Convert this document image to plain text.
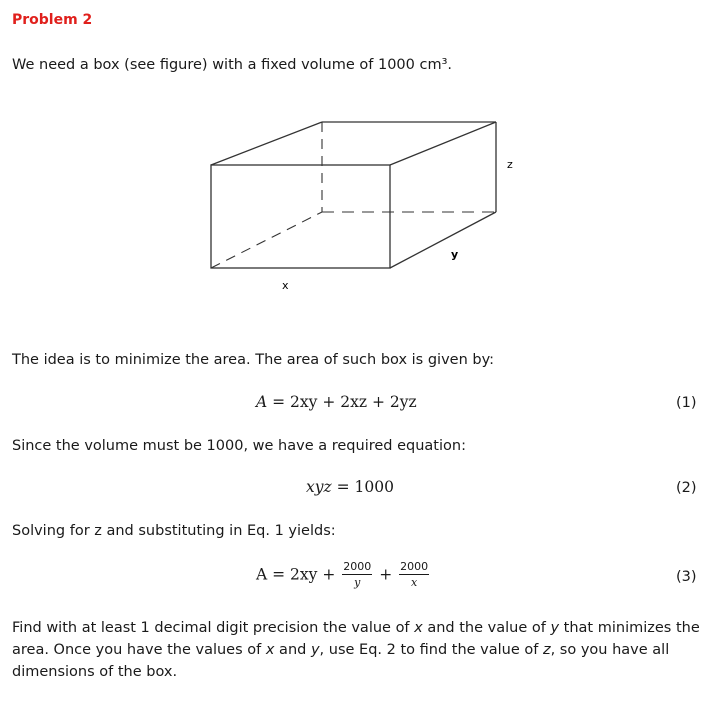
Problem 2
We need a box (see figure) with a fixed volume of 1000 cm³.
x
y
z
The idea is to minimize the area. The area of such box is given by:
A = 2xy + 2xz + 2yz	(1)
Since the volume must be 1000, we have a required equation:
xyz = 1000	(2)
Solving for z and substituting in Eq. 1 yields:
$A = 2xy + \frac{2000}{y} + \frac{2000}{x}$	(3)
Find with at least 1 decimal digit precision the value of x and the value of y that minimizes the area. Once you have the values of x and y, use Eq. 2 to find the value of z, so you have all dimensions of the box.
